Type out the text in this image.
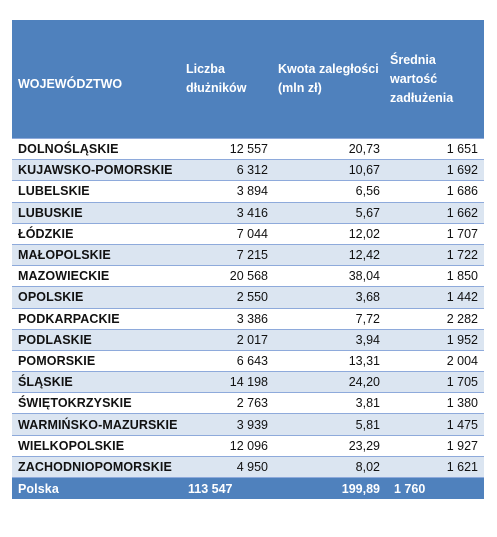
WOJEWÓDZTWO	Liczba dłużników	Kwota zaległości (mln zł)	Średnia wartość zadłużenia

DOLNOŚLĄSKIE	12 557	20,73	1 651
KUJAWSKO-POMORSKIE	6 312	10,67	1 692
LUBELSKIE	3 894	6,56	1 686
LUBUSKIE	3 416	5,67	1 662
ŁÓDZKIE	7 044	12,02	1 707
MAŁOPOLSKIE	7 215	12,42	1 722
MAZOWIECKIE	20 568	38,04	1 850
OPOLSKIE	2 550	3,68	1 442
PODKARPACKIE	3 386	7,72	2 282
PODLASKIE	2 017	3,94	1 952
POMORSKIE	6 643	13,31	2 004
ŚLĄSKIE	14 198	24,20	1 705
ŚWIĘTOKRZYSKIE	2 763	3,81	1 380
WARMIŃSKO-MAZURSKIE	3 939	5,81	1 475
WIELKOPOLSKIE	12 096	23,29	1 927
ZACHODNIOPOMORSKIE	4 950	8,02	1 621
Polska	113 547	199,89	1 760
